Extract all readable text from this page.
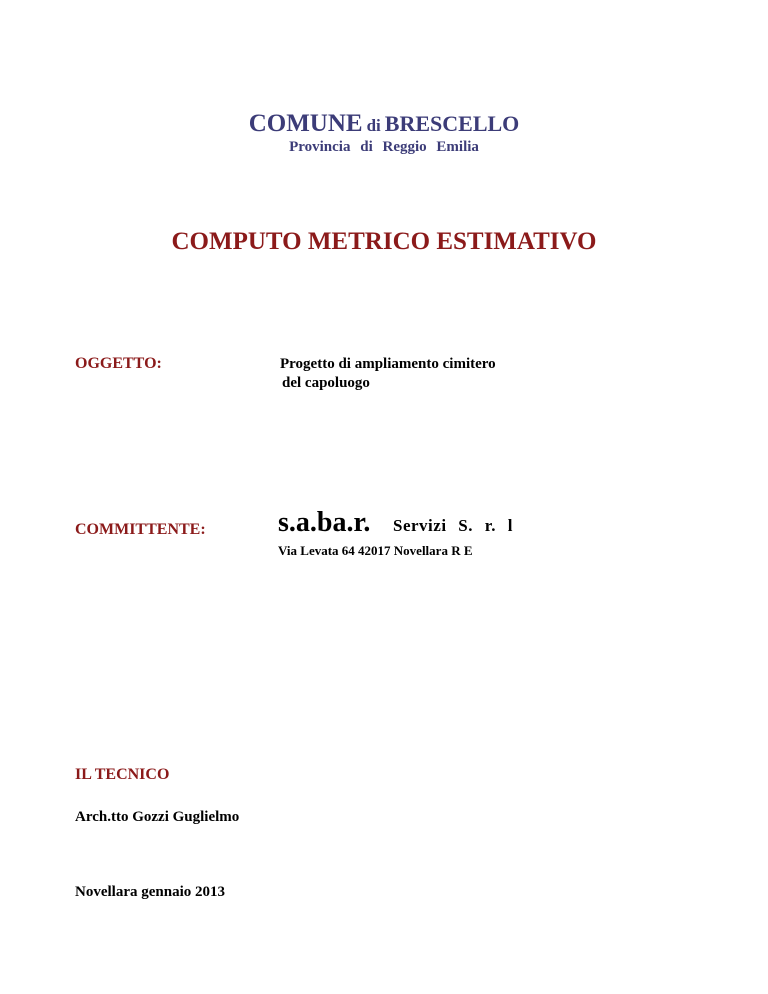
COMUNE di BRESCELLO
Provincia di Reggio Emilia
COMPUTO METRICO ESTIMATIVO
OGGETTO:	Progetto di ampliamento cimitero
del capoluogo
COMMITTENTE:	s.a.ba.r. Servizi S. r. l
Via Levata 64 42017 Novellara R E
IL TECNICO
Arch.tto Gozzi Guglielmo
Novellara gennaio 2013
